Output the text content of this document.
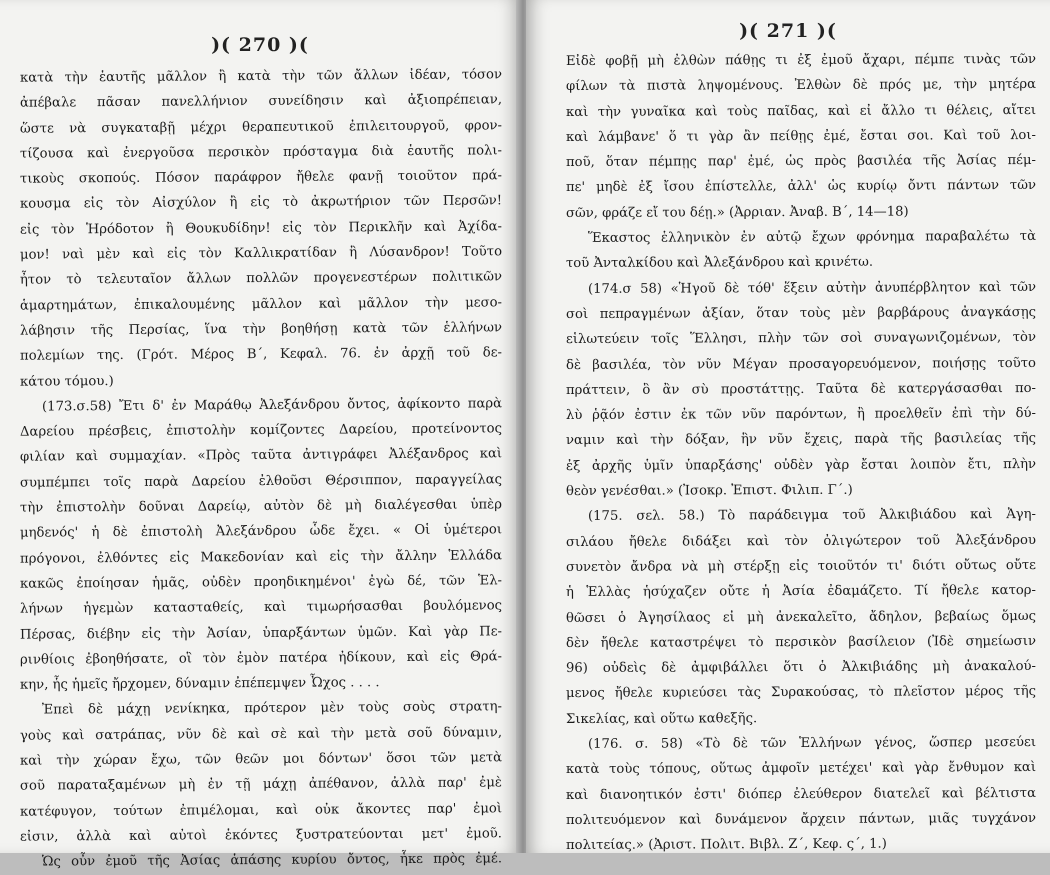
)( 270 )(
κατὰ τὴν ἑαυτῆς μᾶλλον ἢ κατὰ τὴν τῶν ἄλλων ἰδέαν, τόσον
ἀπέβαλε πᾶσαν πανελλήνιον συνείδησιν καὶ ἀξιοπρέπειαν,
ὥστε νὰ συγκαταβῇ μέχρι θεραπευτικοῦ ἐπιλειτουργοῦ, φρον-
τίζουσα καὶ ἐνεργοῦσα περσικὸν πρόσταγμα διὰ ἑαυτῆς πολι-
τικοὺς σκοπούς. Πόσον παράφρον ἤθελε φανῇ τοιοῦτον πρά-
κουσμα εἰς τὸν Αἰσχύλον ἢ εἰς τὸ ἀκρωτήριον τῶν Περσῶν!
εἰς τὸν Ἡρόδοτον ἢ Θουκυδίδην! εἰς τὸν Περικλῆν καὶ Ἀχίδα-
μον! ναὶ μὲν καὶ εἰς τὸν Καλλικρατίδαν ἢ Λύσανδρον! Τοῦτο
ἦτον τὸ τελευταῖον ἄλλων πολλῶν προγενεστέρων πολιτικῶν
ἁμαρτημάτων, ἐπικαλουμένης μᾶλλον καὶ μᾶλλον τὴν μεσο-
λάβησιν τῆς Περσίας, ἵνα τὴν βοηθήσῃ κατὰ τῶν ἑλλήνων
πολεμίων της. (Γρότ. Μέρος Β΄, Κεφαλ. 76. ἐν ἀρχῇ τοῦ δε-
κάτου τόμου.)
(173.σ.58) Ἔτι δ' ἐν Μαράθῳ Ἀλεξάνδρου ὄντος, ἀφίκοντο παρὰ
Δαρείου πρέσβεις, ἐπιστολὴν κομίζοντες Δαρείου, προτείνοντος
φιλίαν καὶ συμμαχίαν. «Πρὸς ταῦτα ἀντιγράφει Ἀλέξανδρος καὶ
συμπέμπει τοῖς παρὰ Δαρείου ἐλθοῦσι Θέρσιππον, παραγγείλας
τὴν ἐπιστολὴν δοῦναι Δαρείῳ, αὐτὸν δὲ μὴ διαλέγεσθαι ὑπὲρ
μηδενός' ἡ δὲ ἐπιστολὴ Ἀλεξάνδρου ὧδε ἔχει. « Οἱ ὑμέτεροι
πρόγονοι, ἐλθόντες εἰς Μακεδονίαν καὶ εἰς τὴν ἄλλην Ἑλλάδα
κακῶς ἐποίησαν ἡμᾶς, οὐδὲν προηδικημένοι' ἐγὼ δέ, τῶν Ἑλ-
λήνων ἡγεμὼν κατασταθείς, καὶ τιμωρήσασθαι βουλόμενος
Πέρσας, διέβην εἰς τὴν Ἀσίαν, ὑπαρξάντων ὑμῶν. Καὶ γὰρ Πε-
ρινθίοις ἐβοηθήσατε, οἳ τὸν ἐμὸν πατέρα ἠδίκουν, καὶ εἰς Θρά-
κην, ἧς ἡμεῖς ἤρχομεν, δύναμιν ἐπέπεμψεν Ὦχος . . . .
Ἐπεὶ δὲ μάχῃ νενίκηκα, πρότερον μὲν τοὺς σοὺς στρατη-
γοὺς καὶ σατράπας, νῦν δὲ καὶ σὲ καὶ τὴν μετὰ σοῦ δύναμιν,
καὶ τὴν χώραν ἔχω, τῶν θεῶν μοι δόντων' ὅσοι τῶν μετὰ
σοῦ παραταξαμένων μὴ ἐν τῇ μάχῃ ἀπέθανον, ἀλλὰ παρ' ἐμὲ
κατέφυγον, τούτων ἐπιμέλομαι, καὶ οὐκ ἄκοντες παρ' ἐμοὶ
εἰσιν, ἀλλὰ καὶ αὐτοὶ ἑκόντες ξυστρατεύονται μετ' ἐμοῦ.
Ὡς οὖν ἐμοῦ τῆς Ἀσίας ἁπάσης κυρίου ὄντος, ἧκε πρὸς ἐμέ.
)( 271 )(
Εἰδὲ φοβῇ μὴ ἐλθὼν πάθῃς τι ἐξ ἐμοῦ ἄχαρι, πέμπε τινὰς τῶν
φίλων τὰ πιστὰ ληψομένους. Ἐλθὼν δὲ πρός με, τὴν μητέρα
καὶ τὴν γυναῖκα καὶ τοὺς παῖδας, καὶ εἰ ἄλλο τι θέλεις, αἴτει
καὶ λάμβανε' ὅ τι γὰρ ἂν πείθῃς ἐμέ, ἔσται σοι. Καὶ τοῦ λοι-
ποῦ, ὅταν πέμπῃς παρ' ἐμέ, ὡς πρὸς βασιλέα τῆς Ἀσίας πέμ-
πε' μηδὲ ἐξ ἴσου ἐπίστελλε, ἀλλ' ὡς κυρίῳ ὄντι πάντων τῶν
σῶν, φράζε εἴ του δέῃ.» (Ἀρριαν. Ἀναβ. Β΄, 14—18)
Ἕκαστος ἑλληνικὸν ἐν αὐτῷ ἔχων φρόνημα παραβαλέτω τὰ
τοῦ Ἀνταλκίδου καὶ Ἀλεξάνδρου καὶ κρινέτω.
(174.σ 58) «Ἡγοῦ δὲ τόθ' ἕξειν αὐτὴν ἀνυπέρβλητον καὶ τῶν
σοὶ πεπραγμένων ἀξίαν, ὅταν τοὺς μὲν βαρβάρους ἀναγκάσῃς
εἱλωτεύειν τοῖς Ἕλλησι, πλὴν τῶν σοὶ συναγωνιζομένων, τὸν
δὲ βασιλέα, τὸν νῦν Μέγαν προσαγορευόμενον, ποιήσῃς τοῦτο
πράττειν, ὃ ἂν σὺ προστάττῃς. Ταῦτα δὲ κατεργάσασθαι πο-
λὺ ῥᾷόν ἐστιν ἐκ τῶν νῦν παρόντων, ἢ προελθεῖν ἐπὶ τὴν δύ-
ναμιν καὶ τὴν δόξαν, ἣν νῦν ἔχεις, παρὰ τῆς βασιλείας τῆς
ἐξ ἀρχῆς ὑμῖν ὑπαρξάσης' οὐδὲν γὰρ ἔσται λοιπὸν ἔτι, πλὴν
θεὸν γενέσθαι.» (Ἰσοκρ. Ἐπιστ. Φιλιπ. Γ΄.)
(175. σελ. 58.) Τὸ παράδειγμα τοῦ Ἀλκιβιάδου καὶ Ἀγη-
σιλάου ἤθελε διδάξει καὶ τὸν ὀλιγώτερον τοῦ Ἀλεξάνδρου
συνετὸν ἄνδρα νὰ μὴ στέρξῃ εἰς τοιοῦτόν τι' διότι οὔτως οὔτε
ἡ Ἑλλὰς ἡσύχαζεν οὔτε ἡ Ἀσία ἐδαμάζετο. Τί ἤθελε κατορ-
θῶσει ὁ Ἀγησίλαος εἰ μὴ ἀνεκαλεῖτο, ἄδηλον, βεβαίως ὅμως
δὲν ἤθελε καταστρέψει τὸ περσικὸν βασίλειον (Ἰδὲ σημείωσιν
96) οὐδεὶς δὲ ἀμφιβάλλει ὅτι ὁ Ἀλκιβιάδης μὴ ἀνακαλού-
μενος ἤθελε κυριεύσει τὰς Συρακούσας, τὸ πλεῖστον μέρος τῆς
Σικελίας, καὶ οὕτω καθεξῆς.
(176. σ. 58) «Τὸ δὲ τῶν Ἑλλήνων γένος, ὥσπερ μεσεύει
κατὰ τοὺς τόπους, οὕτως ἀμφοῖν μετέχει' καὶ γὰρ ἔνθυμον καὶ
καὶ διανοητικόν ἐστι' διόπερ ἐλεύθερον διατελεῖ καὶ βέλτιστα
πολιτευόμενον καὶ δυνάμενον ἄρχειν πάντων, μιᾶς τυγχάνον
πολιτείας.» (Ἀριστ. Πολιτ. Βιβλ. Ζ΄, Κεφ. ς΄, 1.)
